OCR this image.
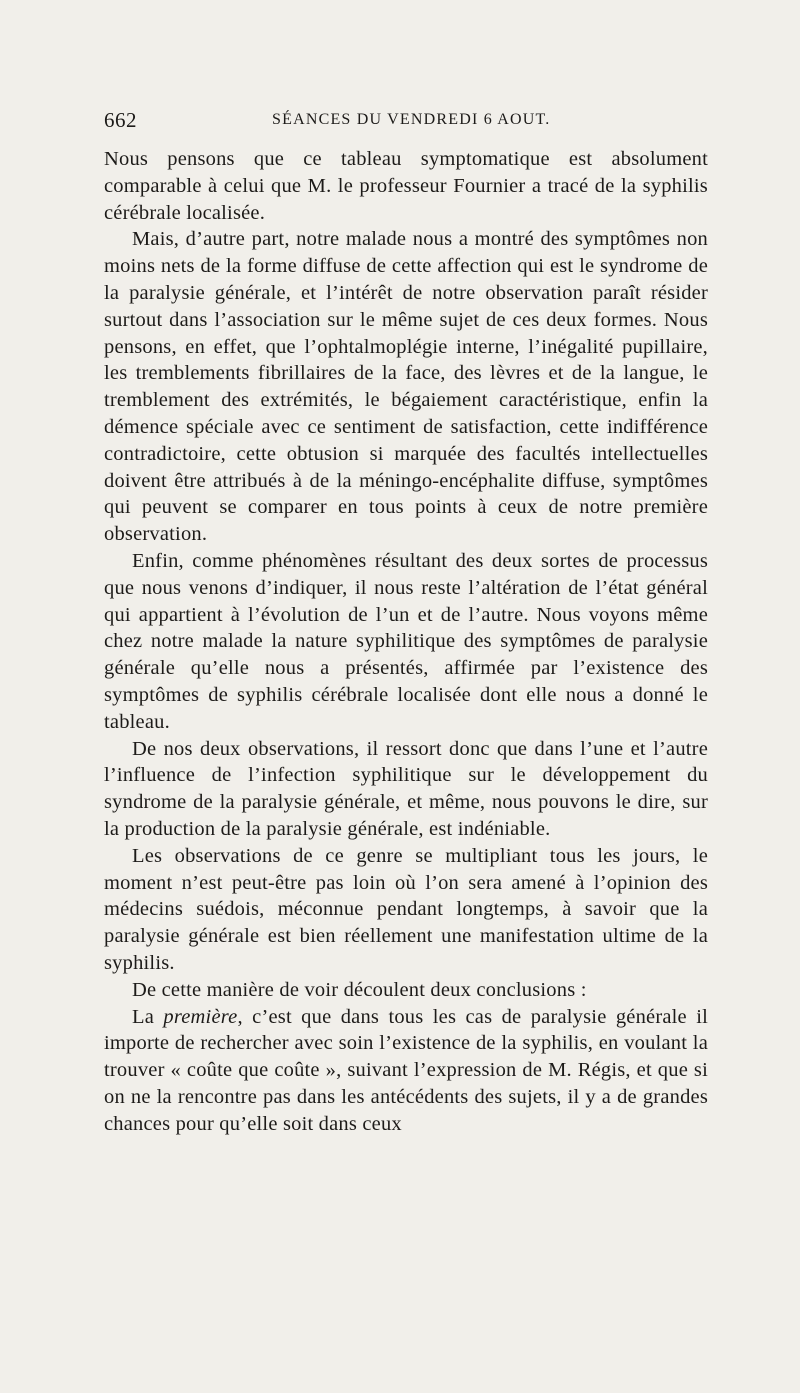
662	SÉANCES DU VENDREDI 6 AOUT.

Nous pensons que ce tableau symptomatique est absolument comparable à celui que M. le professeur Fournier a tracé de la syphilis cérébrale localisée.

Mais, d’autre part, notre malade nous a montré des symptômes non moins nets de la forme diffuse de cette affection qui est le syndrome de la paralysie générale, et l’intérêt de notre observation paraît résider surtout dans l’association sur le même sujet de ces deux formes. Nous pensons, en effet, que l’ophtalmoplégie interne, l’inégalité pupillaire, les tremblements fibrillaires de la face, des lèvres et de la langue, le tremblement des extrémités, le bégaiement caractéristique, enfin la démence spéciale avec ce sentiment de satisfaction, cette indifférence contradictoire, cette obtusion si marquée des facultés intellectuelles doivent être attribués à de la méningo-encéphalite diffuse, symptômes qui peuvent se comparer en tous points à ceux de notre première observation.

Enfin, comme phénomènes résultant des deux sortes de processus que nous venons d’indiquer, il nous reste l’altération de l’état général qui appartient à l’évolution de l’un et de l’autre. Nous voyons même chez notre malade la nature syphilitique des symptômes de paralysie générale qu’elle nous a présentés, affirmée par l’existence des symptômes de syphilis cérébrale localisée dont elle nous a donné le tableau.

De nos deux observations, il ressort donc que dans l’une et l’autre l’influence de l’infection syphilitique sur le développement du syndrome de la paralysie générale, et même, nous pouvons le dire, sur la production de la paralysie générale, est indéniable.

Les observations de ce genre se multipliant tous les jours, le moment n’est peut-être pas loin où l’on sera amené à l’opinion des médecins suédois, méconnue pendant longtemps, à savoir que la paralysie générale est bien réellement une manifestation ultime de la syphilis.

De cette manière de voir découlent deux conclusions :

La première, c’est que dans tous les cas de paralysie générale il importe de rechercher avec soin l’existence de la syphilis, en voulant la trouver « coûte que coûte », suivant l’expression de M. Régis, et que si on ne la rencontre pas dans les antécédents des sujets, il y a de grandes chances pour qu’elle soit dans ceux
